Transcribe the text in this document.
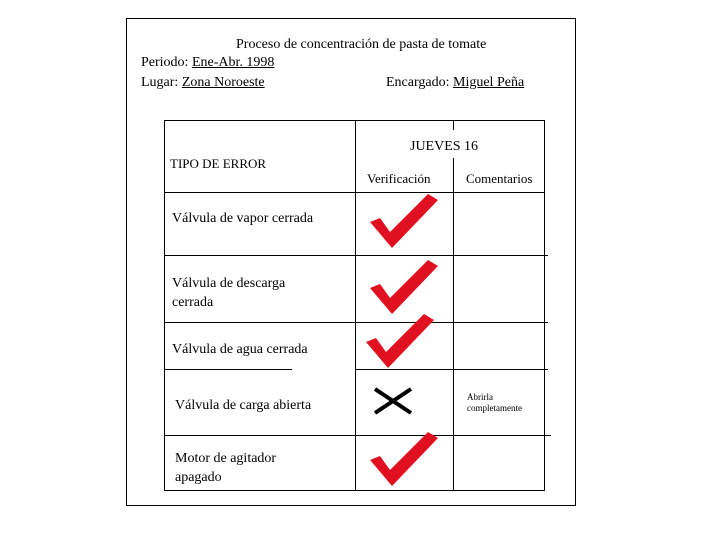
Proceso de concentración de pasta de tomate
Periodo: Ene-Abr. 1998
Lugar: Zona Noroeste	Encargado: Miguel Peña
JUEVES 16
TIPO DE ERROR
Verificación	Comentarios
Válvula de vapor cerrada
Válvula de descarga cerrada
Válvula de agua cerrada
Válvula de carga abierta
Motor de agitador apagado
Abrirla completamente
